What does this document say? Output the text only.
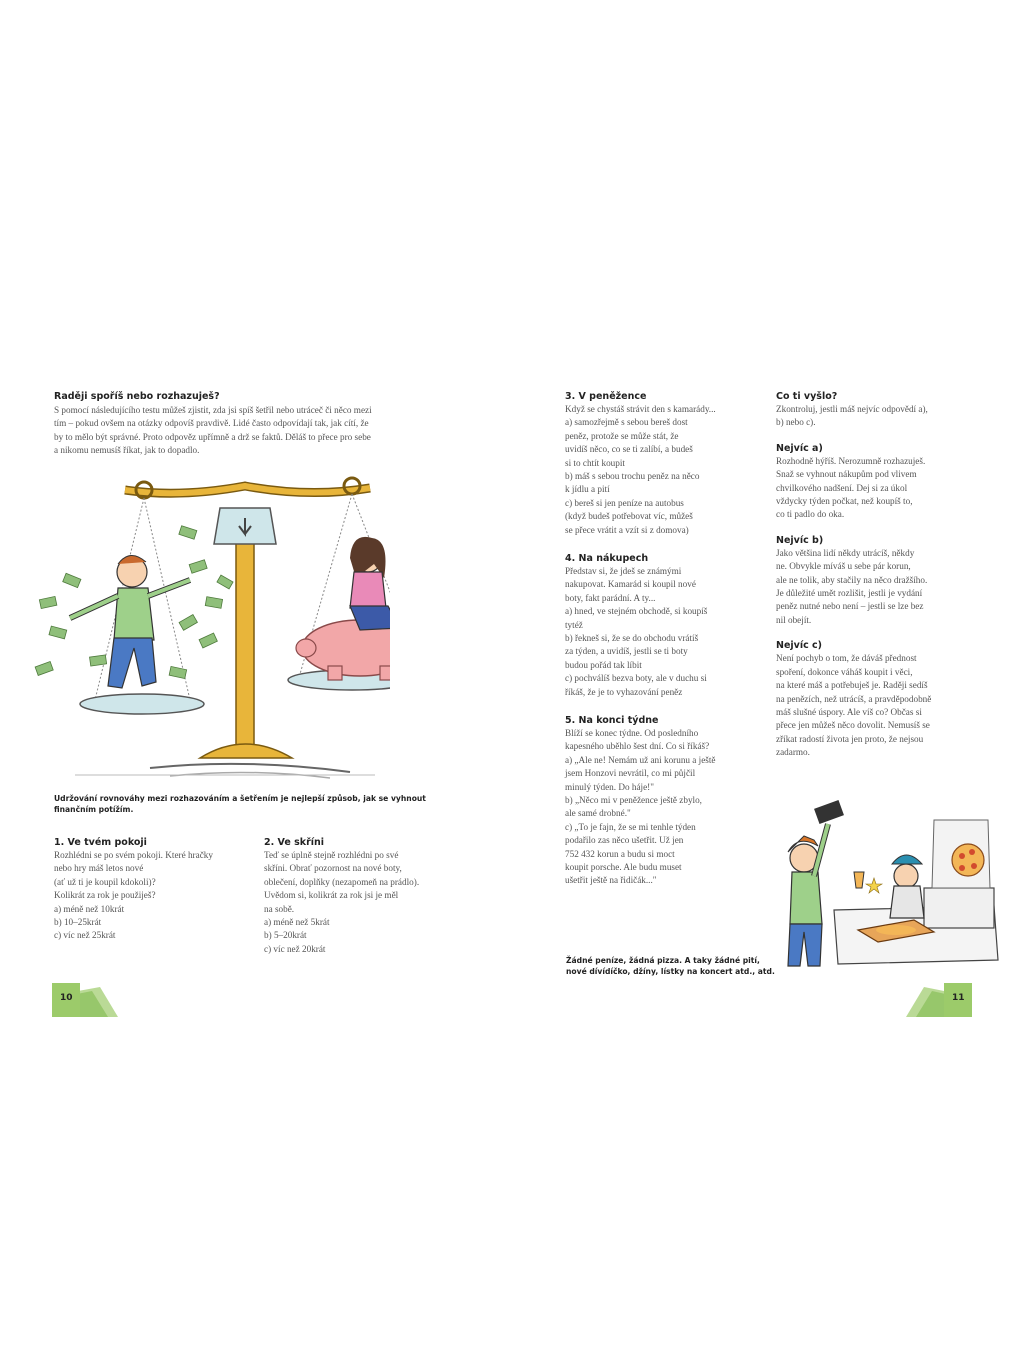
Raději spoříš nebo rozhazuješ?

S pomocí následujícího testu můžeš zjistit, zda jsi spíš šetřil nebo utráceč či něco mezi
tím – pokud ovšem na otázky odpovíš pravdivě. Lidé často odpovídají tak, jak cítí, že
by to mělo být správné. Proto odpověz upřímně a drž se faktů. Děláš to přece pro sebe
a nikomu nemusíš říkat, jak to dopadlo.

Udržování rovnováhy mezi rozhazováním a šetřením je nejlepší způsob, jak se vyhnout
finančním potížím.
1. Ve tvém pokoji

Rozhlédni se po svém pokoji. Které hračky
nebo hry máš letos nové
(ať už ti je koupil kdokoli)?
Kolikrát za rok je použiješ?

a) méně než 10krát
b) 10–25krát
c) víc než 25krát
2. Ve skříni

Teď se úplně stejně rozhlédni po své
skříni. Obrať pozornost na nové boty,
oblečení, doplňky (nezapomeň na prádlo).
Uvědom si, kolikrát za rok jsi je měl
na sobě.

a) méně než 5krát
b) 5–20krát
c) víc než 20krát
10
3. V peněžence

Když se chystáš strávit den s kamarády...

a) samozřejmě s sebou bereš dost
peněz, protože se může stát, že
uvidíš něco, co se ti zalíbí, a budeš
si to chtít koupit
b) máš s sebou trochu peněz na něco
k jídlu a pití
c) bereš si jen peníze na autobus
(když budeš potřebovat víc, můžeš
se přece vrátit a vzít si z domova)
4. Na nákupech

Představ si, že jdeš se známými
nakupovat. Kamarád si koupil nové
boty, fakt parádní. A ty...

a) hned, ve stejném obchodě, si koupíš
tytéž
b) řekneš si, že se do obchodu vrátíš
za týden, a uvidíš, jestli se ti boty
budou pořád tak líbit
c) pochválíš bezva boty, ale v duchu si
říkáš, že je to vyhazování peněz
5. Na konci týdne

Blíží se konec týdne. Od posledního
kapesného uběhlo šest dní. Co si říkáš?

a) „Ale ne! Nemám už ani korunu a ještě
jsem Honzovi nevrátil, co mi půjčil
minulý týden. Do háje!"
b) „Něco mi v peněžence ještě zbylo,
ale samé drobné."
c) „To je fajn, že se mi tenhle týden
podařilo zas něco ušetřit. Už jen
752 432 korun a budu si moct
koupit porsche. Ale budu muset
ušetřit ještě na řidičák..."
Co ti vyšlo?

Zkontroluj, jestli máš nejvíc odpovědí a),
b) nebo c).

Nejvíc a)

Rozhodně hýříš. Nerozumně rozhazuješ.
Snaž se vyhnout nákupům pod vlivem
chvilkového nadšení. Dej si za úkol
vždycky týden počkat, než koupíš to,
co ti padlo do oka.

Nejvíc b)

Jako většina lidí někdy utrácíš, někdy
ne. Obvykle míváš u sebe pár korun,
ale ne tolik, aby stačily na něco dražšího.
Je důležité umět rozlišit, jestli je vydání
peněz nutné nebo není – jestli se lze bez
nil obejít.

Nejvíc c)

Není pochyb o tom, že dáváš přednost
spoření, dokonce váháš koupit i věci,
na které máš a potřebuješ je. Raději sedíš
na penězích, než utrácíš, a pravděpodobně
máš slušné úspory. Ale víš co? Občas si
přece jen můžeš něco dovolit. Nemusíš se
zříkat radostí života jen proto, že nejsou
zadarmo.

Žádné peníze, žádná pizza. A taky žádné pití,
nové dívídíčko, džíny, lístky na koncert atd., atd.
11
